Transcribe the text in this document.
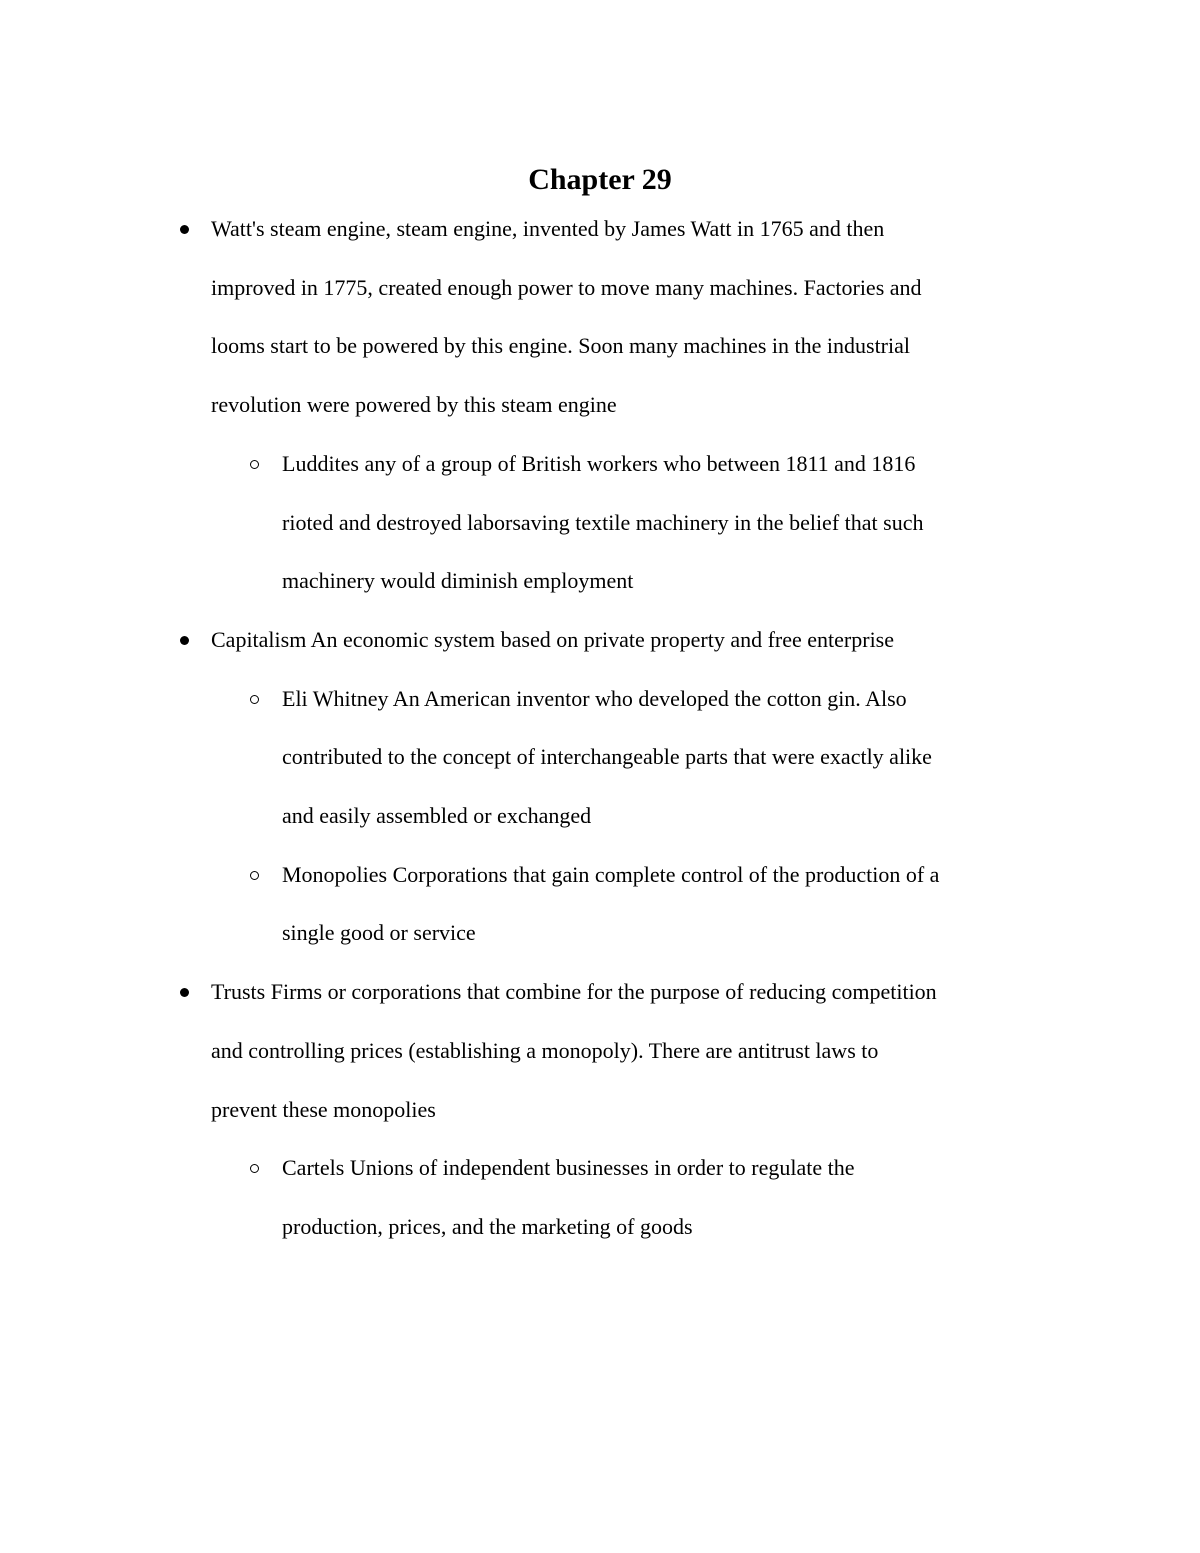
Chapter 29
Watt's steam engine, steam engine, invented by James Watt in 1765 and then
improved in 1775, created enough power to move many machines. Factories and
looms start to be powered by this engine. Soon many machines in the industrial
revolution were powered by this steam engine
Luddites any of a group of British workers who between 1811 and 1816
rioted and destroyed laborsaving textile machinery in the belief that such
machinery would diminish employment
Capitalism An economic system based on private property and free enterprise
Eli Whitney An American inventor who developed the cotton gin. Also
contributed to the concept of interchangeable parts that were exactly alike
and easily assembled or exchanged
Monopolies Corporations that gain complete control of the production of a
single good or service
Trusts Firms or corporations that combine for the purpose of reducing competition
and controlling prices (establishing a monopoly). There are antitrust laws to
prevent these monopolies
Cartels Unions of independent businesses in order to regulate the
production, prices, and the marketing of goods
